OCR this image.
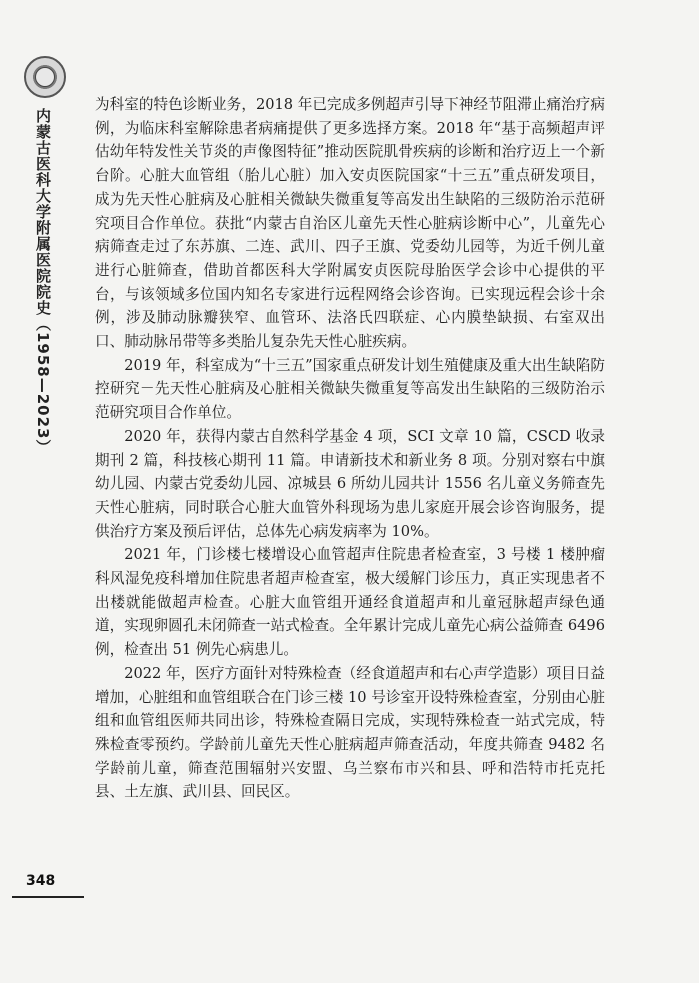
内蒙古医科大学附属医院院史（1958—2023）

为科室的特色诊断业务，2018 年已完成多例超声引导下神经节阻滞止痛治疗病例，为临床科室解除患者病痛提供了更多选择方案。2018 年“基于高频超声评估幼年特发性关节炎的声像图特征”推动医院肌骨疾病的诊断和治疗迈上一个新台阶。心脏大血管组（胎儿心脏）加入安贞医院国家“十三五”重点研发项目，成为先天性心脏病及心脏相关微缺失微重复等高发出生缺陷的三级防治示范研究项目合作单位。获批“内蒙古自治区儿童先天性心脏病诊断中心”，儿童先心病筛查走过了东苏旗、二连、武川、四子王旗、党委幼儿园等，为近千例儿童进行心脏筛查，借助首都医科大学附属安贞医院母胎医学会诊中心提供的平台，与该领域多位国内知名专家进行远程网络会诊咨询。已实现远程会诊十余例，涉及肺动脉瓣狭窄、血管环、法洛氏四联症、心内膜垫缺损、右室双出口、肺动脉吊带等多类胎儿复杂先天性心脏疾病。

2019 年，科室成为“十三五”国家重点研发计划生殖健康及重大出生缺陷防控研究－先天性心脏病及心脏相关微缺失微重复等高发出生缺陷的三级防治示范研究项目合作单位。

2020 年，获得内蒙古自然科学基金 4 项，SCI 文章 10 篇，CSCD 收录期刊 2 篇，科技核心期刊 11 篇。申请新技术和新业务 8 项。分别对察右中旗幼儿园、内蒙古党委幼儿园、凉城县 6 所幼儿园共计 1556 名儿童义务筛查先天性心脏病，同时联合心脏大血管外科现场为患儿家庭开展会诊咨询服务，提供治疗方案及预后评估，总体先心病发病率为 10%。

2021 年，门诊楼七楼增设心血管超声住院患者检查室，3 号楼 1 楼肿瘤科风湿免疫科增加住院患者超声检查室，极大缓解门诊压力，真正实现患者不出楼就能做超声检查。心脏大血管组开通经食道超声和儿童冠脉超声绿色通道，实现卵圆孔未闭筛查一站式检查。全年累计完成儿童先心病公益筛查 6496 例，检查出 51 例先心病患儿。

2022 年，医疗方面针对特殊检查（经食道超声和右心声学造影）项目日益增加，心脏组和血管组联合在门诊三楼 10 号诊室开设特殊检查室，分别由心脏组和血管组医师共同出诊，特殊检查隔日完成，实现特殊检查一站式完成，特殊检查零预约。学龄前儿童先天性心脏病超声筛查活动，年度共筛查 9482 名学龄前儿童，筛查范围辐射兴安盟、乌兰察布市兴和县、呼和浩特市托克托县、土左旗、武川县、回民区。

348
